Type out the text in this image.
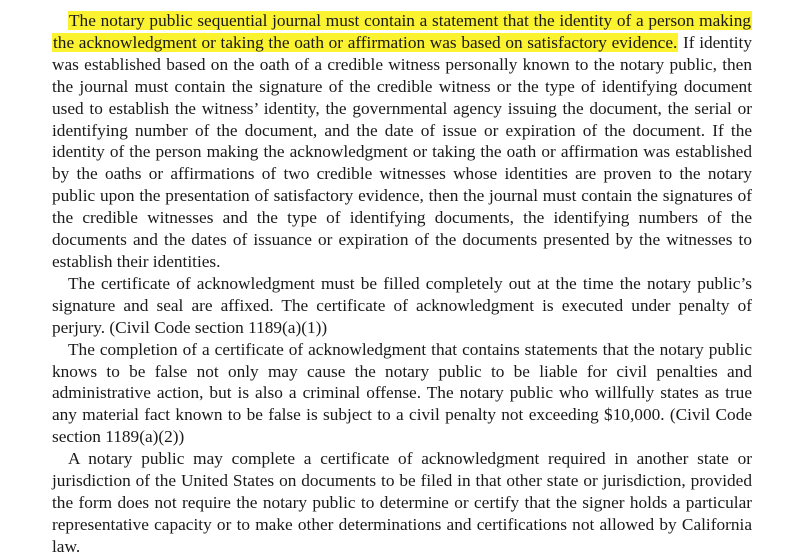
The notary public sequential journal must contain a statement that the identity of a person making the acknowledgment or taking the oath or affirmation was based on satisfactory evidence. If identity was established based on the oath of a credible witness personally known to the notary public, then the journal must contain the signature of the credible witness or the type of identifying document used to establish the witness’ identity, the governmental agency issuing the document, the serial or identifying number of the document, and the date of issue or expiration of the document. If the identity of the person making the acknowledgment or taking the oath or affirmation was established by the oaths or affirmations of two credible witnesses whose identities are proven to the notary public upon the presentation of satisfactory evidence, then the journal must contain the signatures of the credible witnesses and the type of identifying documents, the identifying numbers of the documents and the dates of issuance or expiration of the documents presented by the witnesses to establish their identities.

The certificate of acknowledgment must be filled completely out at the time the notary public’s signature and seal are affixed. The certificate of acknowledgment is executed under penalty of perjury. (Civil Code section 1189(a)(1))

The completion of a certificate of acknowledgment that contains statements that the notary public knows to be false not only may cause the notary public to be liable for civil penalties and administrative action, but is also a criminal offense. The notary public who willfully states as true any material fact known to be false is subject to a civil penalty not exceeding $10,000. (Civil Code section 1189(a)(2))

A notary public may complete a certificate of acknowledgment required in another state or jurisdiction of the United States on documents to be filed in that other state or jurisdiction, provided the form does not require the notary public to determine or certify that the signer holds a particular representative capacity or to make other determinations and certifications not allowed by California law.
